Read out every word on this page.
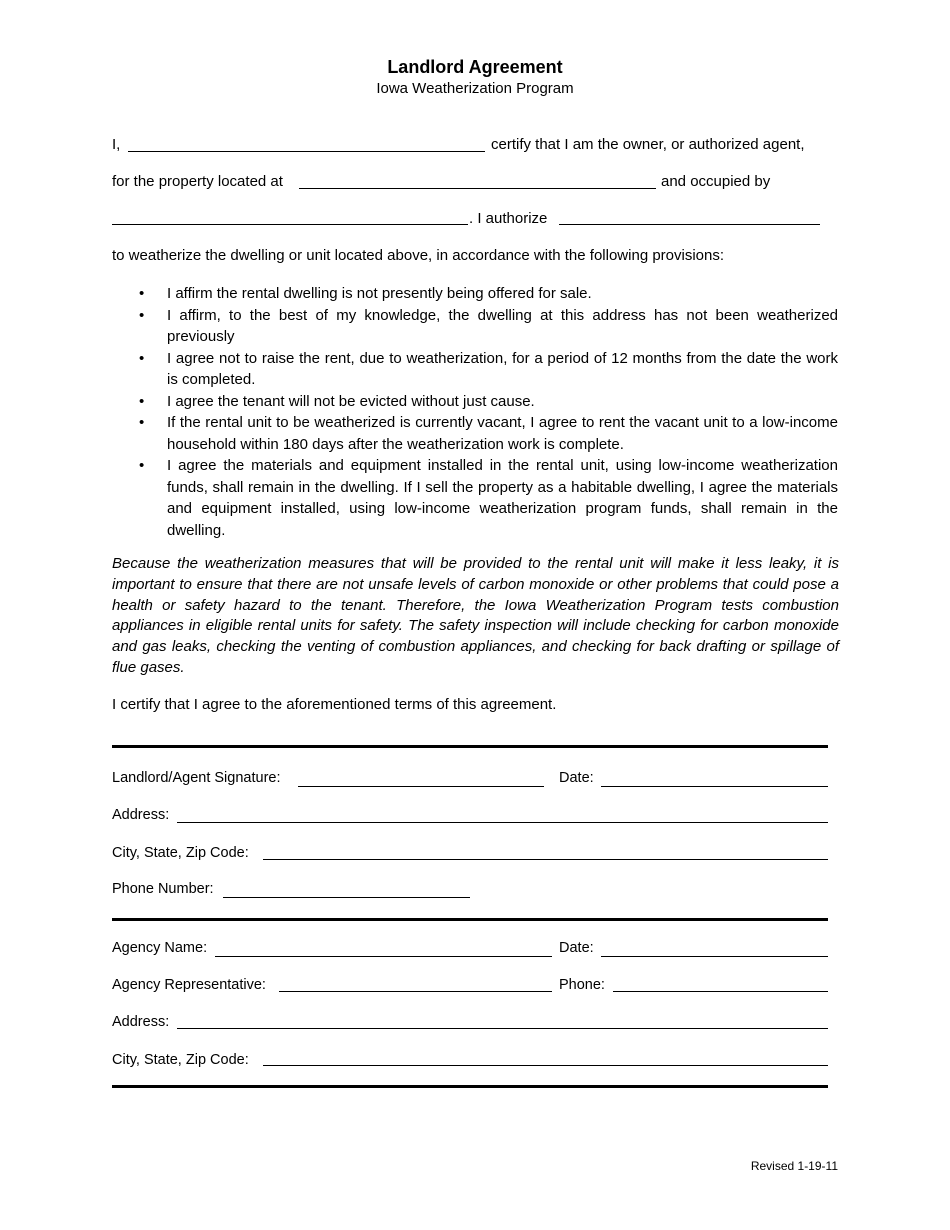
Landlord Agreement
Iowa Weatherization Program
I,	certify that I am the owner, or authorized agent,
for the property located at	and occupied by
. I authorize
to weatherize the dwelling or unit located above, in accordance with the following provisions:
• I affirm the rental dwelling is not presently being offered for sale.
• I affirm, to the best of my knowledge, the dwelling at this address has not been weatherized previously
• I agree not to raise the rent, due to weatherization, for a period of 12 months from the date the work is completed.
• I agree the tenant will not be evicted without just cause.
• If the rental unit to be weatherized is currently vacant, I agree to rent the vacant unit to a low-income household within 180 days after the weatherization work is complete.
• I agree the materials and equipment installed in the rental unit, using low-income weatherization funds, shall remain in the dwelling. If I sell the property as a habitable dwelling, I agree the materials and equipment installed, using low-income weatherization program funds, shall remain in the dwelling.
Because the weatherization measures that will be provided to the rental unit will make it less leaky, it is important to ensure that there are not unsafe levels of carbon monoxide or other problems that could pose a health or safety hazard to the tenant. Therefore, the Iowa Weatherization Program tests combustion appliances in eligible rental units for safety. The safety inspection will include checking for carbon monoxide and gas leaks, checking the venting of combustion appliances, and checking for back drafting or spillage of flue gases.
I certify that I agree to the aforementioned terms of this agreement.
Landlord/Agent Signature:	Date:
Address:
City, State, Zip Code:
Phone Number:
Agency Name:	Date:
Agency Representative:	Phone:
Address:
City, State, Zip Code:
Revised 1-19-11
